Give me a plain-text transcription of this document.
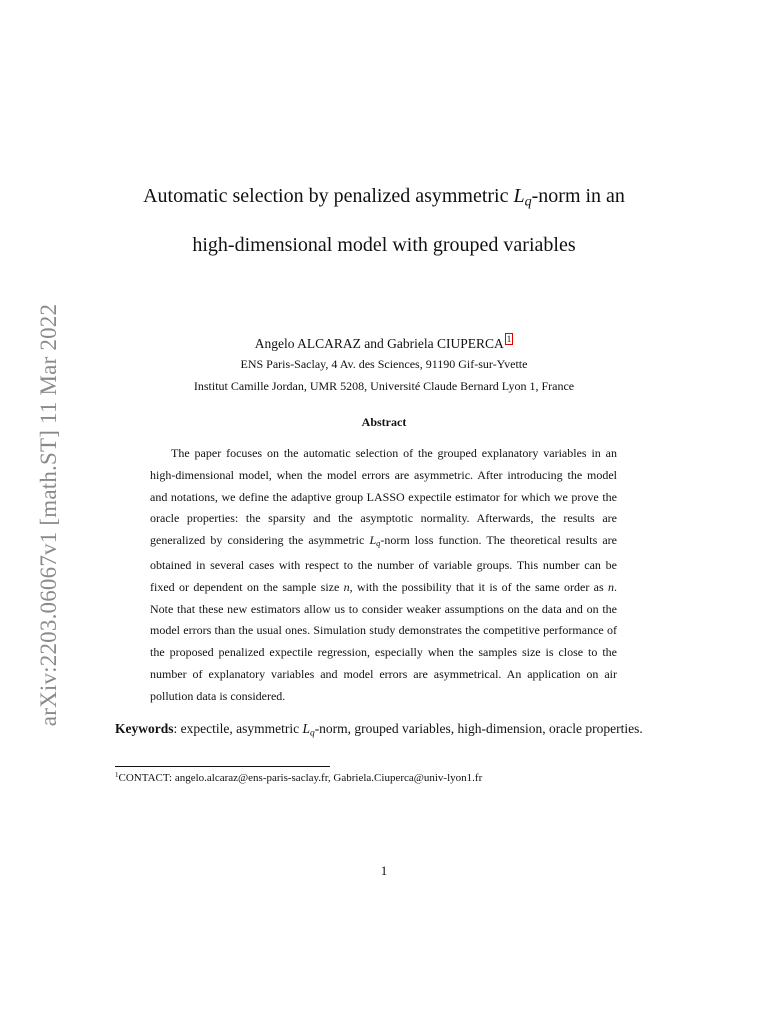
arXiv:2203.06067v1 [math.ST] 11 Mar 2022
Automatic selection by penalized asymmetric $L_q$-norm in an
high-dimensional model with grouped variables
Angelo ALCARAZ and Gabriela CIUPERCA 1
ENS Paris-Saclay, 4 Av. des Sciences, 91190 Gif-sur-Yvette
Institut Camille Jordan, UMR 5208, Université Claude Bernard Lyon 1, France
Abstract
The paper focuses on the automatic selection of the grouped explanatory variables in an high-dimensional model, when the model errors are asymmetric. After introducing the model and notations, we define the adaptive group LASSO expectile estimator for which we prove the oracle properties: the sparsity and the asymptotic normality. Afterwards, the results are generalized by considering the asymmetric $L_q$-norm loss function. The theoretical results are obtained in several cases with respect to the number of variable groups. This number can be fixed or dependent on the sample size n, with the possibility that it is of the same order as n. Note that these new estimators allow us to consider weaker assumptions on the data and on the model errors than the usual ones. Simulation study demonstrates the competitive performance of the proposed penalized expectile regression, especially when the samples size is close to the number of explanatory variables and model errors are asymmetrical. An application on air pollution data is considered.
Keywords: expectile, asymmetric $L_q$-norm, grouped variables, high-dimension, oracle properties.
$^1$CONTACT: angelo.alcaraz@ens-paris-saclay.fr, Gabriela.Ciuperca@univ-lyon1.fr
1
